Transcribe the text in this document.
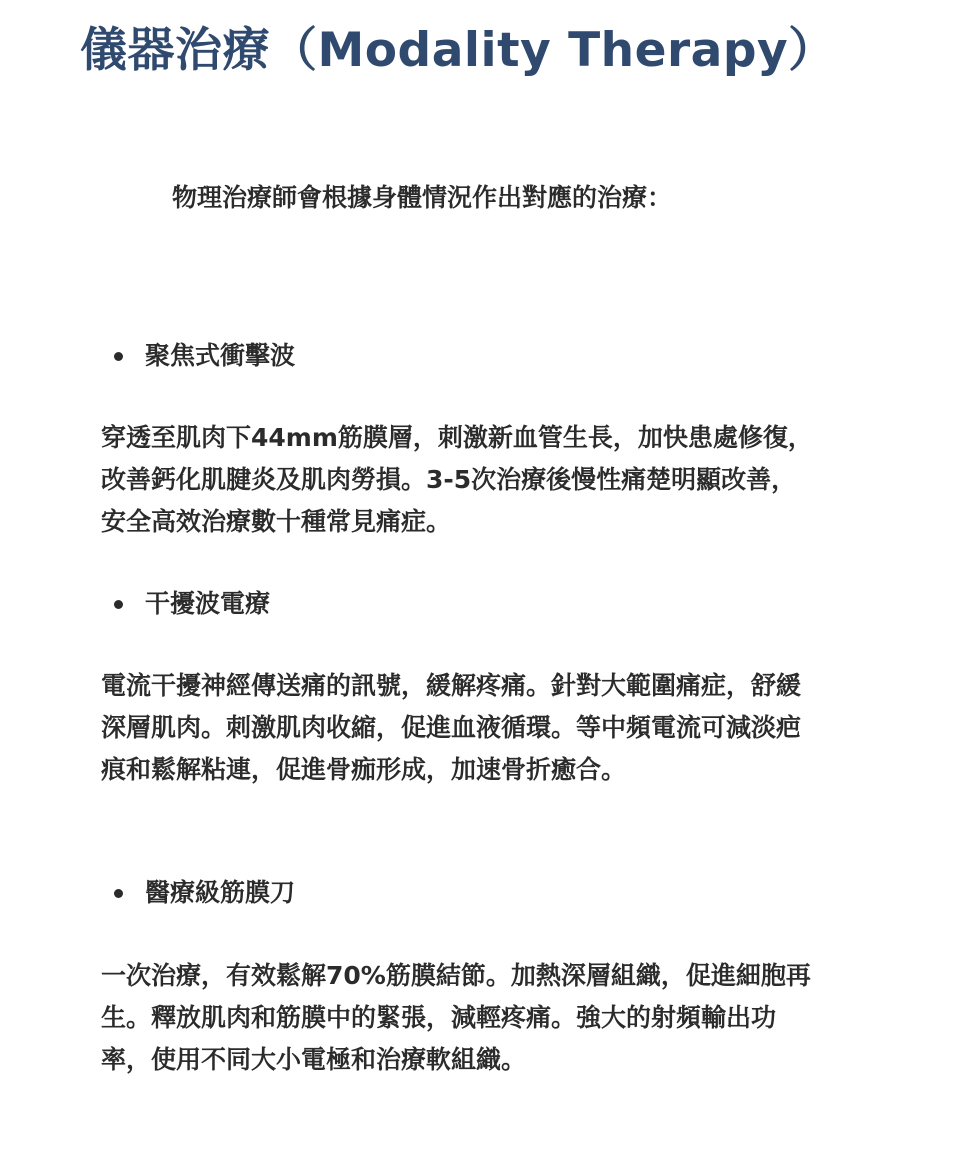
儀器治療（Modality Therapy）

物理治療師會根據身體情況作出對應的治療：

聚焦式衝擊波

穿透至肌肉下44mm筋膜層，刺激新血管生長，加快患處修復，改善鈣化肌腱炎及肌肉勞損。3-5次治療後慢性痛楚明顯改善，安全高效治療數十種常見痛症。

干擾波電療

電流干擾神經傳送痛的訊號，緩解疼痛。針對大範圍痛症，舒緩深層肌肉。刺激肌肉收縮，促進血液循環。等中頻電流可減淡疤痕和鬆解粘連，促進骨痂形成，加速骨折癒合。

醫療級筋膜刀

一次治療，有效鬆解70%筋膜結節。加熱深層組織，促進細胞再生。釋放肌肉和筋膜中的緊張，減輕疼痛。強大的射頻輸出功率，使用不同大小電極和治療軟組織。
